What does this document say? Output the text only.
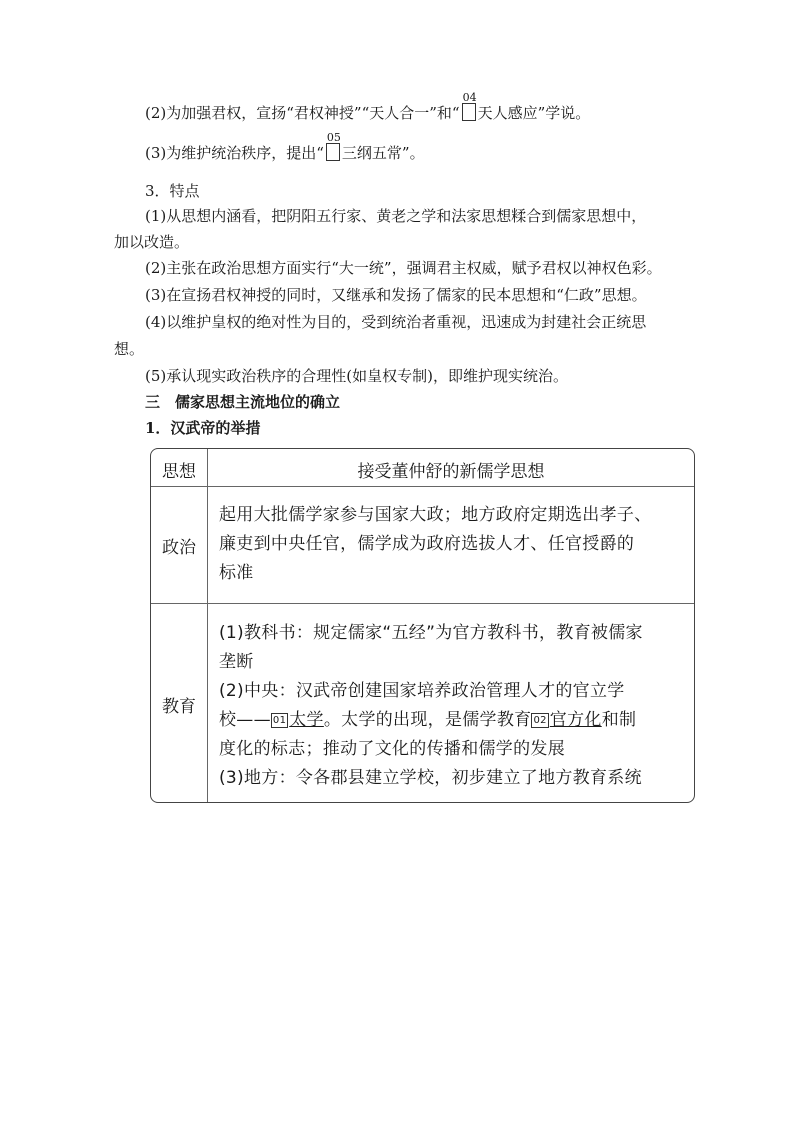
(2)为加强君权，宣扬“君权神授”“天人合一”和“
04
天人感应”学说。
(3)为维护统治秩序，提出“
05
三纲五常”。
3．特点
(1)从思想内涵看，把阴阳五行家、黄老之学和法家思想糅合到儒家思想中，
加以改造。
(2)主张在政治思想方面实行“大一统”，强调君主权威，赋予君权以神权色彩。
(3)在宣扬君权神授的同时，又继承和发扬了儒家的民本思想和“仁政”思想。
(4)以维护皇权的绝对性为目的，受到统治者重视，迅速成为封建社会正统思
想。
(5)承认现实政治秩序的合理性(如皇权专制)，即维护现实统治。
三　儒家思想主流地位的确立
1．汉武帝的举措
思想	接受董仲舒的新儒学思想
政治
起用大批儒学家参与国家大政；地方政府定期选出孝子、
廉吏到中央任官，儒学成为政府选拔人才、任官授爵的
标准
教育
(1)教科书：规定儒家“五经”为官方教科书，教育被儒家
垄断
(2)中央：汉武帝创建国家培养政治管理人才的官立学
校—— 01 太学。太学的出现，是儒学教育 02 官方化和制
度化的标志；推动了文化的传播和儒学的发展
(3)地方：令各郡县建立学校，初步建立了地方教育系统
